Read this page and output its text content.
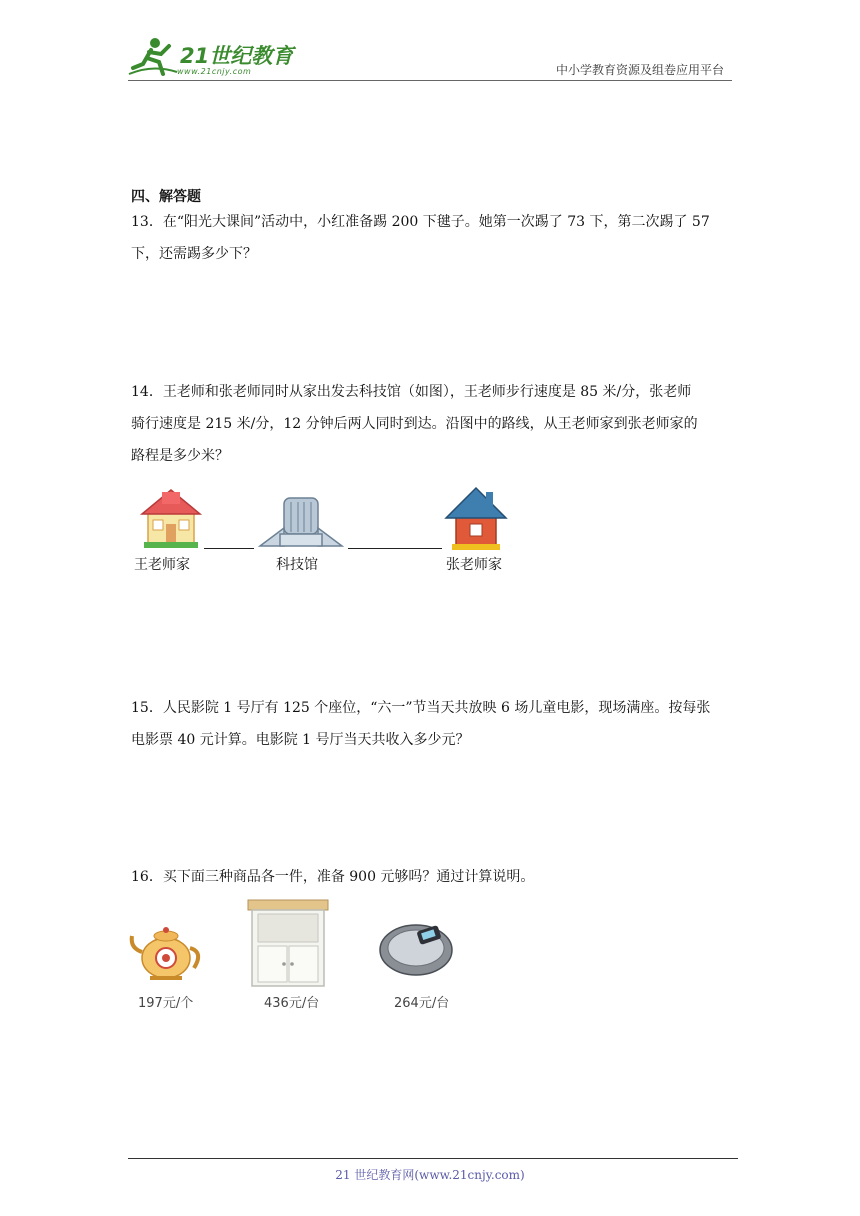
21世纪教育
www.21cnjy.com	中小学教育资源及组卷应用平台
四、解答题
13．在“阳光大课间”活动中，小红准备踢 200 下毽子。她第一次踢了 73 下，第二次踢了 57
下，还需踢多少下？
14．王老师和张老师同时从家出发去科技馆（如图），王老师步行速度是 85 米/分，张老师
骑行速度是 215 米/分，12 分钟后两人同时到达。沿图中的路线，从王老师家到张老师家的
路程是多少米？
王老师家	科技馆	张老师家
15．人民影院 1 号厅有 125 个座位，“六一”节当天共放映 6 场儿童电影，现场满座。按每张
电影票 40 元计算。电影院 1 号厅当天共收入多少元？
16．买下面三种商品各一件，准备 900 元够吗？通过计算说明。
197元/个	436元/台	264元/台
21 世纪教育网(www.21cnjy.com)
